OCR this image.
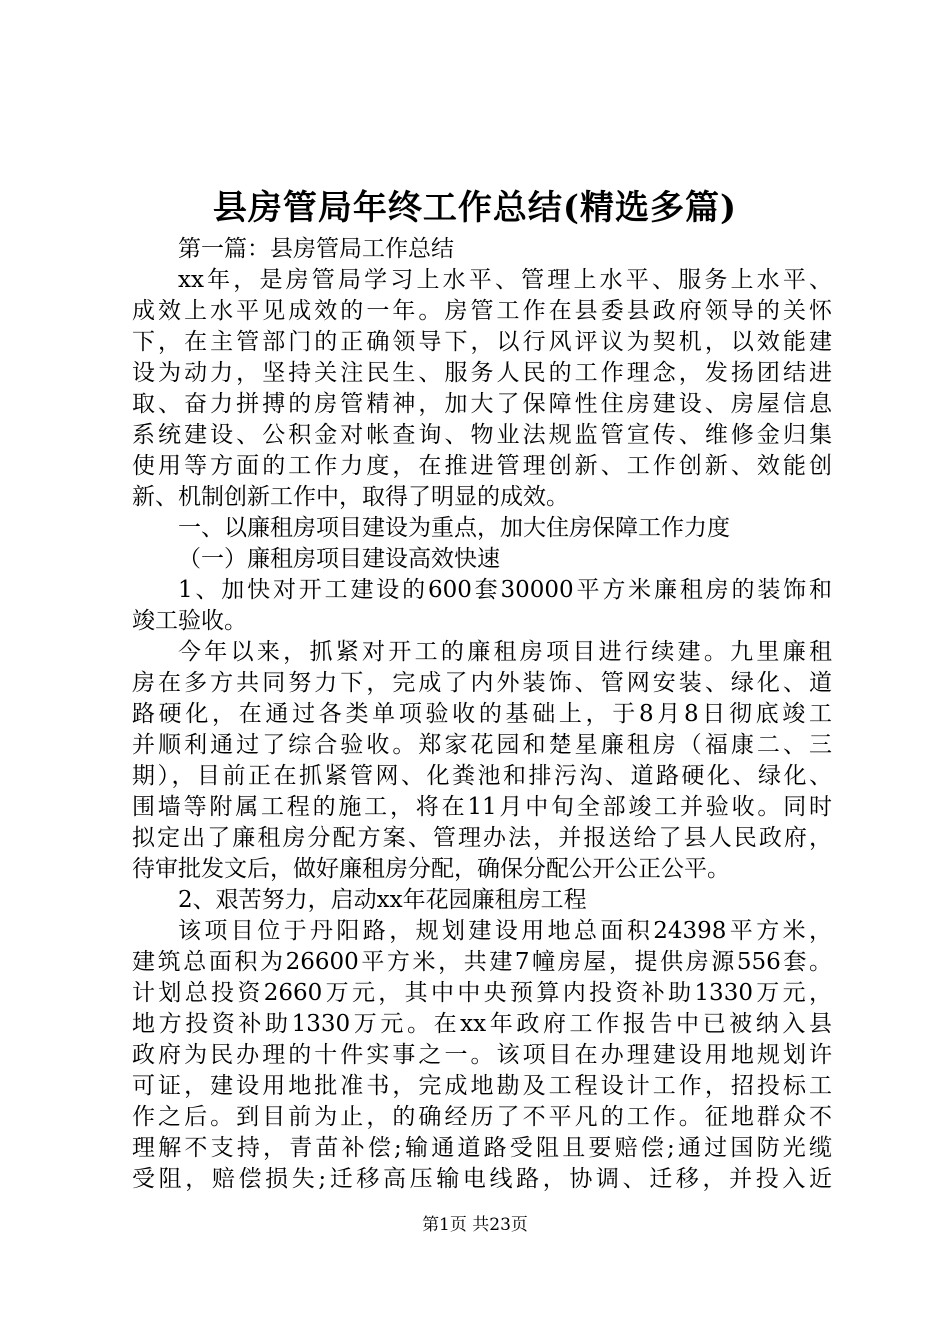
县房管局年终工作总结(精选多篇)
第一篇：县房管局工作总结
xx年，是房管局学习上水平、管理上水平、服务上水平、
成效上水平见成效的一年。房管工作在县委县政府领导的关怀
下，在主管部门的正确领导下，以行风评议为契机，以效能建
设为动力，坚持关注民生、服务人民的工作理念，发扬团结进
取、奋力拼搏的房管精神，加大了保障性住房建设、房屋信息
系统建设、公积金对帐查询、物业法规监管宣传、维修金归集
使用等方面的工作力度，在推进管理创新、工作创新、效能创
新、机制创新工作中，取得了明显的成效。
一、以廉租房项目建设为重点，加大住房保障工作力度
（一）廉租房项目建设高效快速
1、加快对开工建设的600套30000平方米廉租房的装饰和
竣工验收。
今年以来，抓紧对开工的廉租房项目进行续建。九里廉租
房在多方共同努力下，完成了内外装饰、管网安装、绿化、道
路硬化，在通过各类单项验收的基础上，于8月8日彻底竣工
并顺利通过了综合验收。郑家花园和楚星廉租房（福康二、三
期），目前正在抓紧管网、化粪池和排污沟、道路硬化、绿化、
围墙等附属工程的施工，将在11月中旬全部竣工并验收。同时
拟定出了廉租房分配方案、管理办法，并报送给了县人民政府，
待审批发文后，做好廉租房分配，确保分配公开公正公平。
2、艰苦努力，启动xx年花园廉租房工程
该项目位于丹阳路，规划建设用地总面积24398平方米，
建筑总面积为26600平方米，共建7幢房屋，提供房源556套。
计划总投资2660万元，其中中央预算内投资补助1330万元，
地方投资补助1330万元。在xx年政府工作报告中已被纳入县
政府为民办理的十件实事之一。该项目在办理建设用地规划许
可证，建设用地批准书，完成地勘及工程设计工作，招投标工
作之后。到目前为止，的确经历了不平凡的工作。征地群众不
理解不支持，青苗补偿;输通道路受阻且要赔偿;通过国防光缆
受阻，赔偿损失;迁移高压输电线路，协调、迁移，并投入近
第1页 共23页
